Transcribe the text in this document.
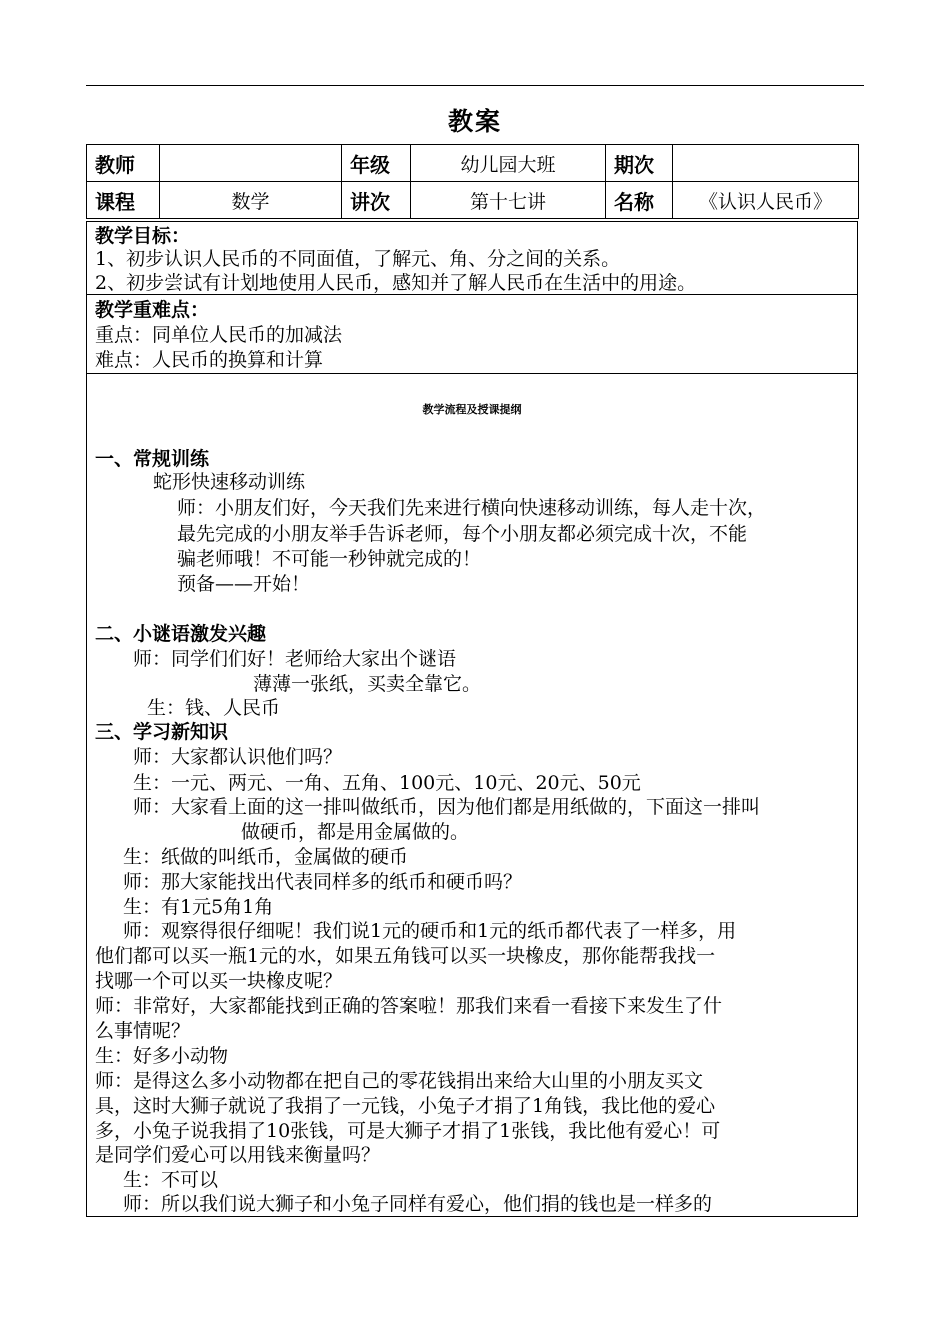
教案
教师		年级	幼儿园大班	期次	
课程	数学	讲次	第十七讲	名称	《认识人民币》
教学目标：
1、初步认识人民币的不同面值，了解元、角、分之间的关系。
2、初步尝试有计划地使用人民币，感知并了解人民币在生活中的用途。
教学重难点：
重点：同单位人民币的加减法
难点：人民币的换算和计算
教学流程及授课提纲
一、常规训练
蛇形快速移动训练
师：小朋友们好，今天我们先来进行横向快速移动训练，每人走十次，
最先完成的小朋友举手告诉老师，每个小朋友都必须完成十次，不能
骗老师哦！不可能一秒钟就完成的！
预备——开始！
二、小谜语激发兴趣
师：同学们们好！老师给大家出个谜语
薄薄一张纸，买卖全靠它。
生：钱、人民币
三、学习新知识
师：大家都认识他们吗？
生：一元、两元、一角、五角、100元、10元、20元、50元
师：大家看上面的这一排叫做纸币，因为他们都是用纸做的，下面这一排叫
做硬币，都是用金属做的。
生：纸做的叫纸币，金属做的硬币
师：那大家能找出代表同样多的纸币和硬币吗？
生：有1元5角1角
师：观察得很仔细呢！我们说1元的硬币和1元的纸币都代表了一样多，用
他们都可以买一瓶1元的水，如果五角钱可以买一块橡皮，那你能帮我找一
找哪一个可以买一块橡皮呢？
师：非常好，大家都能找到正确的答案啦！那我们来看一看接下来发生了什
么事情呢？
生：好多小动物
师：是得这么多小动物都在把自己的零花钱捐出来给大山里的小朋友买文
具，这时大狮子就说了我捐了一元钱，小兔子才捐了1角钱，我比他的爱心
多，小兔子说我捐了10张钱，可是大狮子才捐了1张钱，我比他有爱心！可
是同学们爱心可以用钱来衡量吗？
生：不可以
师：所以我们说大狮子和小兔子同样有爱心，他们捐的钱也是一样多的
